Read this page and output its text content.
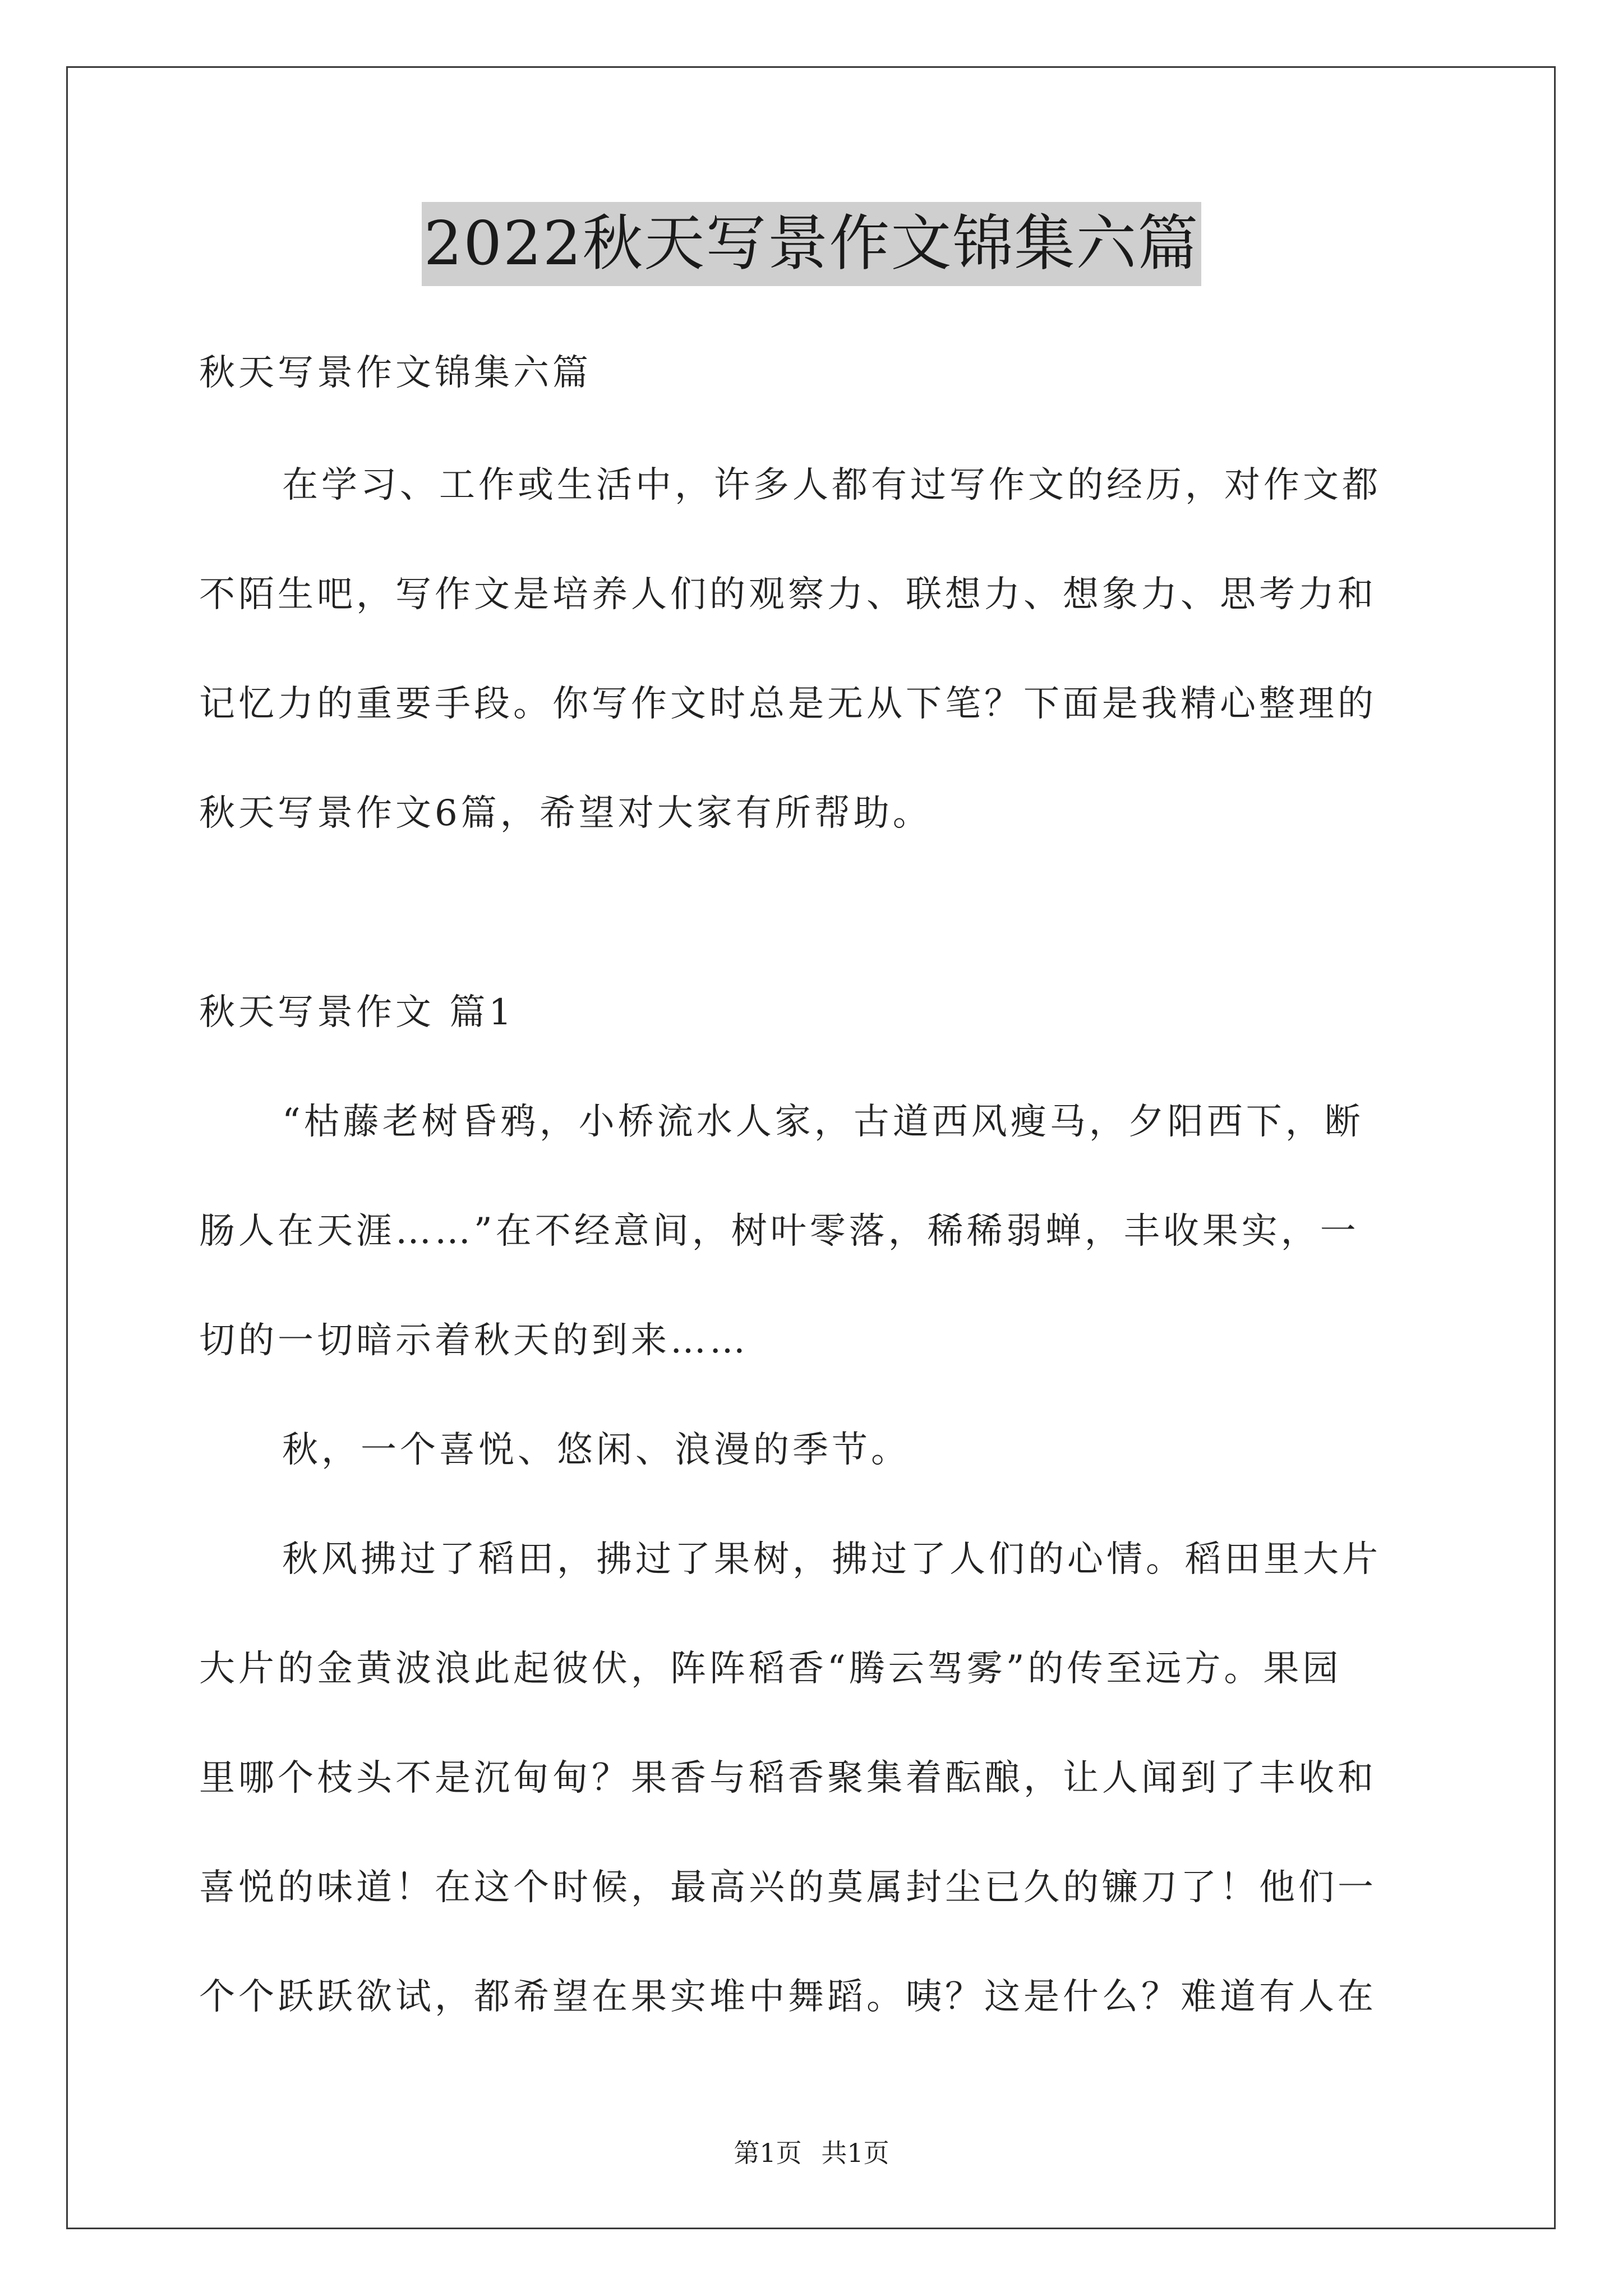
2022秋天写景作文锦集六篇
秋天写景作文锦集六篇
在学习、工作或生活中，许多人都有过写作文的经历，对作文都
不陌生吧，写作文是培养人们的观察力、联想力、想象力、思考力和
记忆力的重要手段。你写作文时总是无从下笔？下面是我精心整理的
秋天写景作文6篇，希望对大家有所帮助。
秋天写景作文 篇1
“枯藤老树昏鸦，小桥流水人家，古道西风瘦马，夕阳西下，断
肠人在天涯……”在不经意间，树叶零落，稀稀弱蝉，丰收果实，一
切的一切暗示着秋天的到来……
秋，一个喜悦、悠闲、浪漫的季节。
秋风拂过了稻田，拂过了果树，拂过了人们的心情。稻田里大片
大片的金黄波浪此起彼伏，阵阵稻香“腾云驾雾”的传至远方。果园
里哪个枝头不是沉甸甸？果香与稻香聚集着酝酿，让人闻到了丰收和
喜悦的味道！在这个时候，最高兴的莫属封尘已久的镰刀了！他们一
个个跃跃欲试，都希望在果实堆中舞蹈。咦？这是什么？难道有人在
第1页 共1页
